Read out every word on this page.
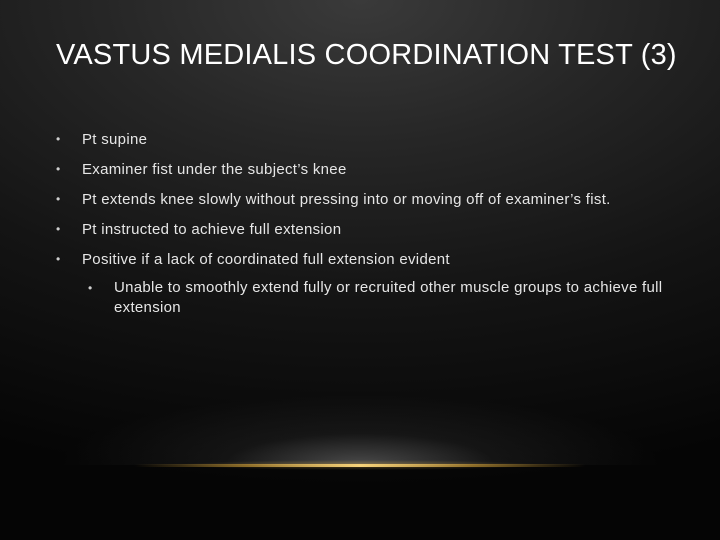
VASTUS MEDIALIS COORDINATION TEST (3)
• Pt supine
• Examiner fist under the subject’s knee
• Pt extends knee slowly without pressing into or moving off of examiner’s fist.
• Pt instructed to achieve full extension
• Positive if a lack of coordinated full extension evident
• Unable to smoothly extend fully or recruited other muscle groups to achieve full extension
